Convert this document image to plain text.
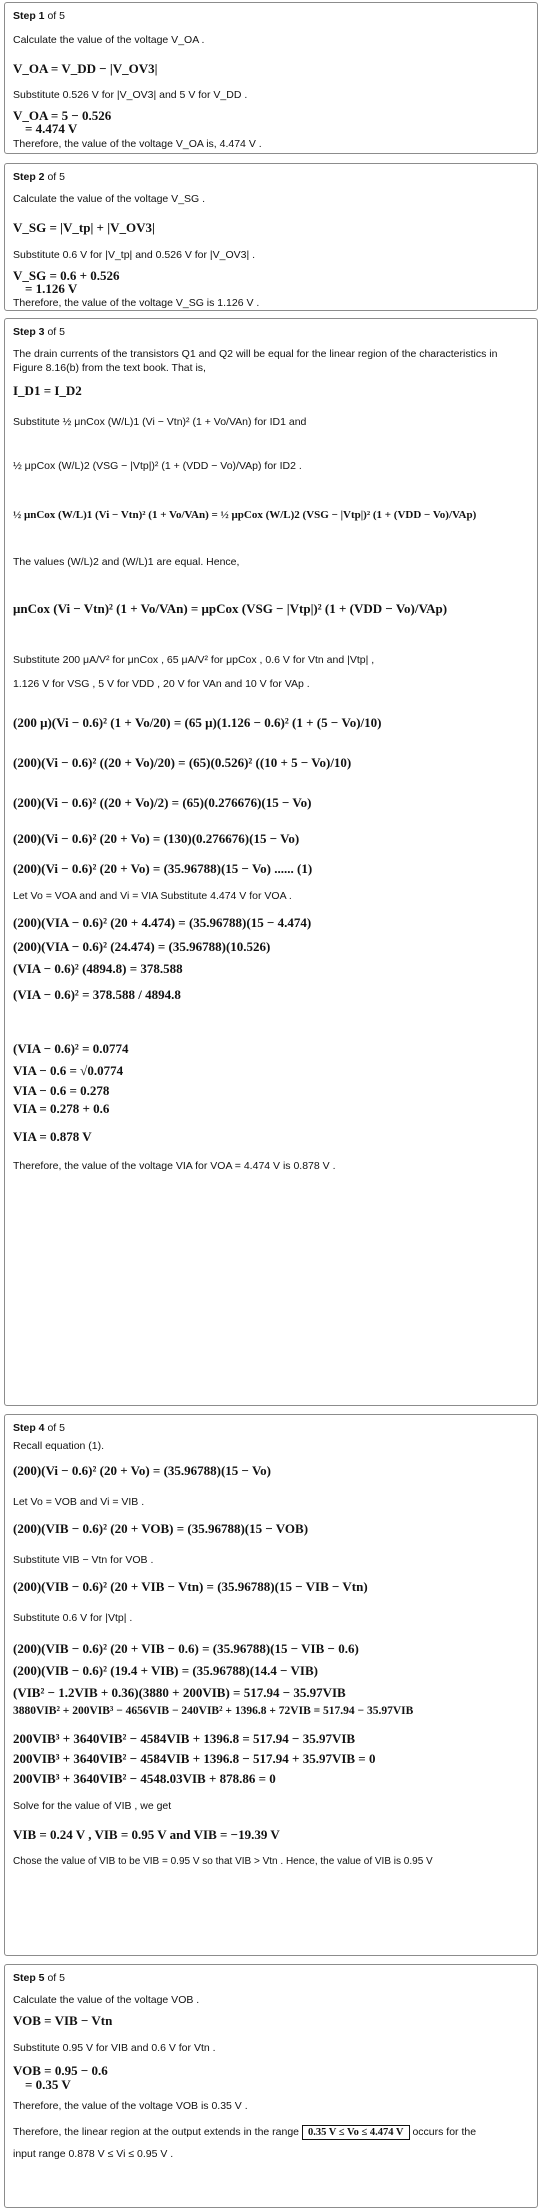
Step 1 of 5
Calculate the value of the voltage V_OA .
V_OA = V_DD − |V_OV3|
Substitute 0.526 V for |V_OV3| and 5 V for V_DD .
V_OA = 5 − 0.526
= 4.474 V
Therefore, the value of the voltage V_OA is, 4.474 V .
Step 2 of 5
Calculate the value of the voltage V_SG .
V_SG = |V_tp| + |V_OV3|
Substitute 0.6 V for |V_tp| and 0.526 V for |V_OV3| .
V_SG = 0.6 + 0.526
= 1.126 V
Therefore, the value of the voltage V_SG is 1.126 V .
Step 3 of 5
The drain currents of the transistors Q1 and Q2 will be equal for the linear region of the characteristics in
Figure 8.16(b) from the text book. That is,
I_D1 = I_D2
Substitute ½ μnCox (W/L)1 (Vi − Vtn)² (1 + Vo/VAn) for ID1 and
½ μpCox (W/L)2 (VSG − |Vtp|)² (1 + (VDD − Vo)/VAp) for ID2 .
½ μnCox (W/L)1 (Vi − Vtn)² (1 + Vo/VAn) = ½ μpCox (W/L)2 (VSG − |Vtp|)² (1 + (VDD − Vo)/VAp)
The values (W/L)2 and (W/L)1 are equal. Hence,
μnCox (Vi − Vtn)² (1 + Vo/VAn) = μpCox (VSG − |Vtp|)² (1 + (VDD − Vo)/VAp)
Substitute 200 μA/V² for μnCox , 65 μA/V² for μpCox , 0.6 V for Vtn and |Vtp| ,
1.126 V for VSG , 5 V for VDD , 20 V for VAn and 10 V for VAp .
(200 μ)(Vi − 0.6)² (1 + Vo/20) = (65 μ)(1.126 − 0.6)² (1 + (5 − Vo)/10)
(200)(Vi − 0.6)² ((20 + Vo)/20) = (65)(0.526)² ((10 + 5 − Vo)/10)
(200)(Vi − 0.6)² ((20 + Vo)/2) = (65)(0.276676)(15 − Vo)
(200)(Vi − 0.6)² (20 + Vo) = (130)(0.276676)(15 − Vo)
(200)(Vi − 0.6)² (20 + Vo) = (35.96788)(15 − Vo) ...... (1)
Let Vo = VOA and and Vi = VIA Substitute 4.474 V for VOA .
(200)(VIA − 0.6)² (20 + 4.474) = (35.96788)(15 − 4.474)
(200)(VIA − 0.6)² (24.474) = (35.96788)(10.526)
(VIA − 0.6)² (4894.8) = 378.588
(VIA − 0.6)² = 378.588 / 4894.8
(VIA − 0.6)² = 0.0774
VIA − 0.6 = √0.0774
VIA − 0.6 = 0.278
VIA = 0.278 + 0.6
VIA = 0.878 V
Therefore, the value of the voltage VIA for VOA = 4.474 V is 0.878 V .
Step 4 of 5
Recall equation (1).
(200)(Vi − 0.6)² (20 + Vo) = (35.96788)(15 − Vo)
Let Vo = VOB and Vi = VIB .
(200)(VIB − 0.6)² (20 + VOB) = (35.96788)(15 − VOB)
Substitute VIB − Vtn for VOB .
(200)(VIB − 0.6)² (20 + VIB − Vtn) = (35.96788)(15 − VIB − Vtn)
Substitute 0.6 V for |Vtp| .
(200)(VIB − 0.6)² (20 + VIB − 0.6) = (35.96788)(15 − VIB − 0.6)
(200)(VIB − 0.6)² (19.4 + VIB) = (35.96788)(14.4 − VIB)
(VIB² − 1.2VIB + 0.36)(3880 + 200VIB) = 517.94 − 35.97VIB
3880VIB² + 200VIB³ − 4656VIB − 240VIB² + 1396.8 + 72VIB = 517.94 − 35.97VIB
200VIB³ + 3640VIB² − 4584VIB + 1396.8 = 517.94 − 35.97VIB
200VIB³ + 3640VIB² − 4584VIB + 1396.8 − 517.94 + 35.97VIB = 0
200VIB³ + 3640VIB² − 4548.03VIB + 878.86 = 0
Solve for the value of VIB , we get
VIB = 0.24 V , VIB = 0.95 V and VIB = −19.39 V
Chose the value of VIB to be VIB = 0.95 V so that VIB > Vtn . Hence, the value of VIB is 0.95 V
Step 5 of 5
Calculate the value of the voltage VOB .
VOB = VIB − Vtn
Substitute 0.95 V for VIB and 0.6 V for Vtn .
VOB = 0.95 − 0.6
= 0.35 V
Therefore, the value of the voltage VOB is 0.35 V .
Therefore, the linear region at the output extends in the range 0.35 V ≤ Vo ≤ 4.474 V occurs for the
input range 0.878 V ≤ Vi ≤ 0.95 V .
